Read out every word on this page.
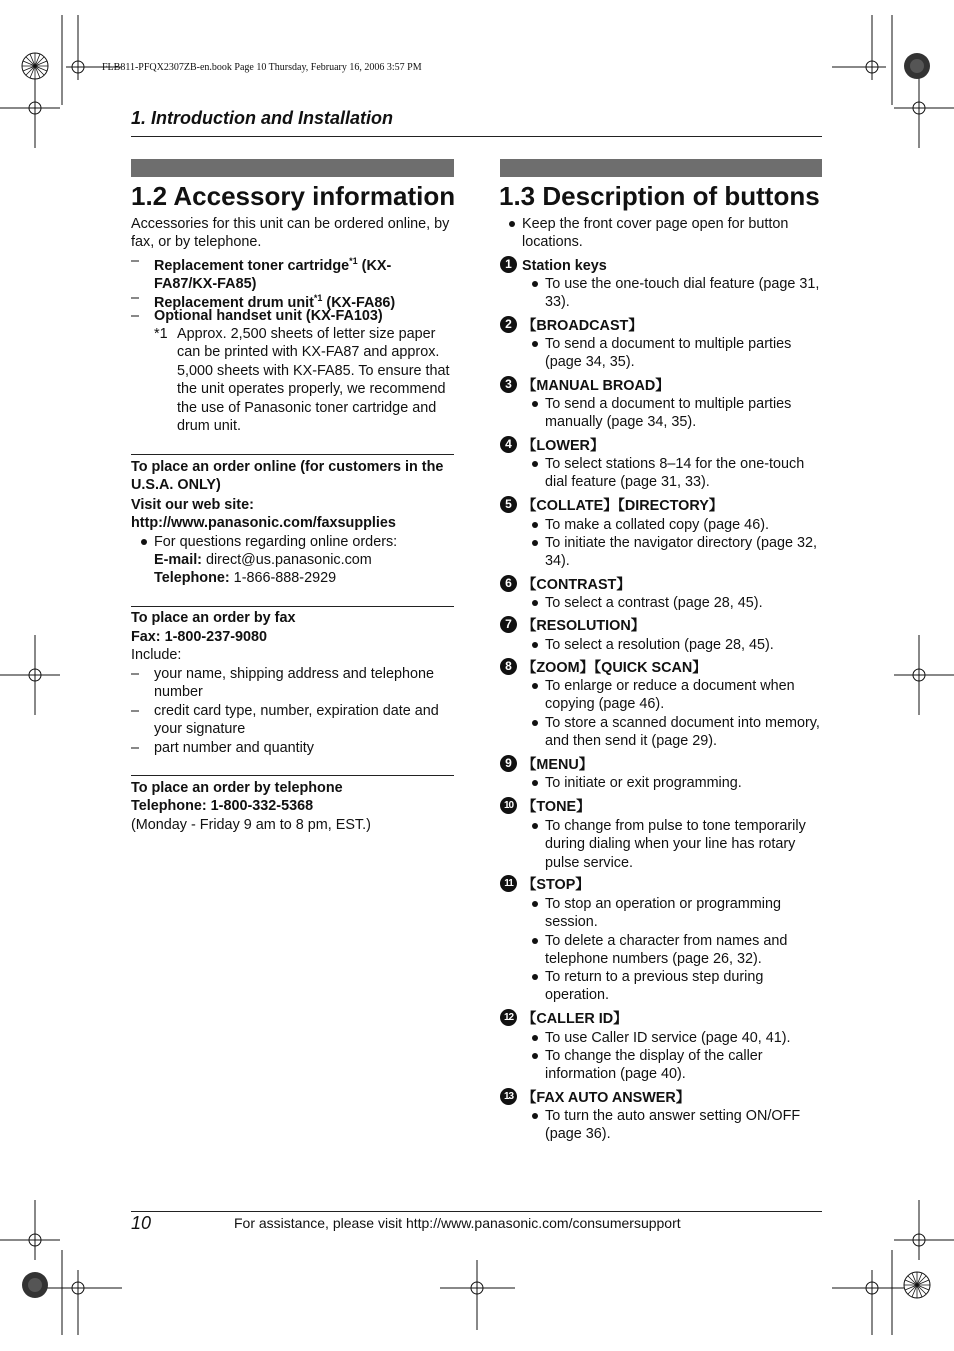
FLB811-PFQX2307ZB-en.book Page 10 Thursday, February 16, 2006 3:57 PM
1. Introduction and Installation
1.2 Accessory information
Accessories for this unit can be ordered online, by fax, or by telephone.
– Replacement toner cartridge$^{*1}$ (KX-FA87/KX-FA85)
– Replacement drum unit$^{*1}$ (KX-FA86)
– Optional handset unit (KX-FA103)
*1 Approx. 2,500 sheets of letter size paper can be printed with KX-FA87 and approx. 5,000 sheets with KX-FA85. To ensure that the unit operates properly, we recommend the use of Panasonic toner cartridge and drum unit.
To place an order online (for customers in the U.S.A. ONLY)
Visit our web site:
http://www.panasonic.com/faxsupplies
For questions regarding online orders:
E-mail: direct@us.panasonic.com
Telephone: 1-866-888-2929
To place an order by fax
Fax: 1-800-237-9080
Include:
– your name, shipping address and telephone number
– credit card type, number, expiration date and your signature
– part number and quantity
To place an order by telephone
Telephone: 1-800-332-5368
(Monday - Friday 9 am to 8 pm, EST.)
1.3 Description of buttons
Keep the front cover page open for button locations.
1 Station keys
To use the one-touch dial feature (page 31, 33).
2 【BROADCAST】
To send a document to multiple parties (page 34, 35).
3 【MANUAL BROAD】
To send a document to multiple parties manually (page 34, 35).
4 【LOWER】
To select stations 8–14 for the one-touch dial feature (page 31, 33).
5 【COLLATE】【DIRECTORY】
To make a collated copy (page 46).
To initiate the navigator directory (page 32, 34).
6 【CONTRAST】
To select a contrast (page 28, 45).
7 【RESOLUTION】
To select a resolution (page 28, 45).
8 【ZOOM】【QUICK SCAN】
To enlarge or reduce a document when copying (page 46).
To store a scanned document into memory, and then send it (page 29).
9 【MENU】
To initiate or exit programming.
10 【TONE】
To change from pulse to tone temporarily during dialing when your line has rotary pulse service.
11 【STOP】
To stop an operation or programming session.
To delete a character from names and telephone numbers (page 26, 32).
To return to a previous step during operation.
12 【CALLER ID】
To use Caller ID service (page 40, 41).
To change the display of the caller information (page 40).
13 【FAX AUTO ANSWER】
To turn the auto answer setting ON/OFF (page 36).
10	For assistance, please visit http://www.panasonic.com/consumersupport
